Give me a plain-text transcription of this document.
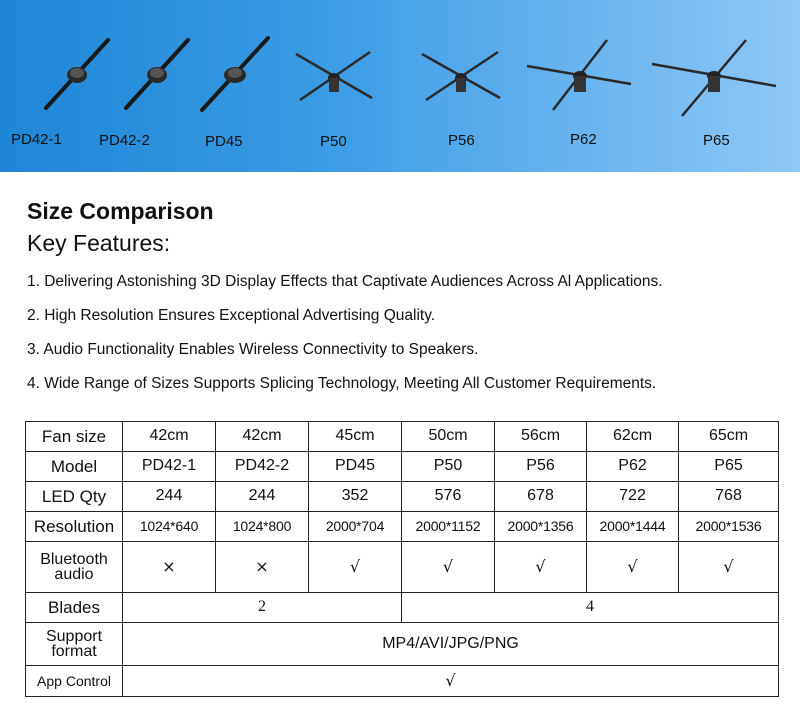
PD42-1 PD42-2	PD45	P50	P56	P62	P65
Size Comparison
Key Features:
1. Delivering Astonishing 3D Display Effects that Captivate Audiences Across Al Applications.
2. High Resolution Ensures Exceptional Advertising Quality.
3. Audio Functionality Enables Wireless Connectivity to Speakers.
4. Wide Range of Sizes Supports Splicing Technology, Meeting All Customer Requirements.
Fan size	42cm	42cm	45cm	50cm	56cm	62cm	65cm
Model	PD42-1	PD42-2	PD45	P50	P56	P62	P65
LED Qty	244	244	352	576	678	722	768
Resolution	1024*640	1024*800	2000*704	2000*1152	2000*1356	2000*1444	2000*1536

Bluetooth
audio	×	×	√	√	√	√	√
Blades	2			4			

Support
format	MP4/AVI/JPG/PNG						
App Control	√						
